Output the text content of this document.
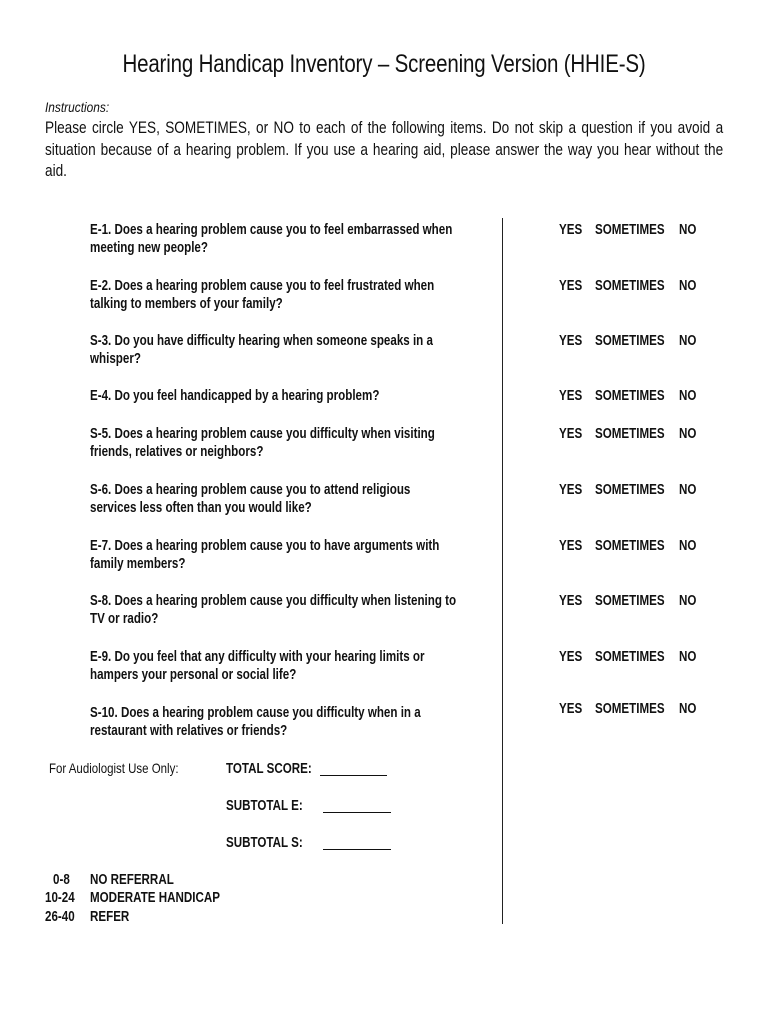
Hearing Handicap Inventory – Screening Version (HHIE-S)
Instructions:
Please circle YES, SOMETIMES, or NO to each of the following items. Do not skip a question if you avoid a situation because of a hearing problem. If you use a hearing aid, please answer the way you hear without the aid.
E-1. Does a hearing problem cause you to feel embarrassed when meeting new people?
YES SOMETIMES NO
E-2. Does a hearing problem cause you to feel frustrated when talking to members of your family?
YES SOMETIMES NO
S-3. Do you have difficulty hearing when someone speaks in a whisper?
YES SOMETIMES NO
E-4. Do you feel handicapped by a hearing problem?	YES SOMETIMES NO
S-5. Does a hearing problem cause you difficulty when visiting friends, relatives or neighbors?
YES SOMETIMES NO
S-6. Does a hearing problem cause you to attend religious services less often than you would like?
YES SOMETIMES NO
E-7. Does a hearing problem cause you to have arguments with family members?
YES SOMETIMES NO
S-8. Does a hearing problem cause you difficulty when listening to TV or radio?
YES SOMETIMES NO
E-9. Do you feel that any difficulty with your hearing limits or hampers your personal or social life?
YES SOMETIMES NO
S-10. Does a hearing problem cause you difficulty when in a restaurant with relatives or friends?
YES SOMETIMES NO
For Audiologist Use Only:	TOTAL SCORE:
SUBTOTAL E:
SUBTOTAL S:
0-8 NO REFERRAL
10-24 MODERATE HANDICAP
26-40 REFER
